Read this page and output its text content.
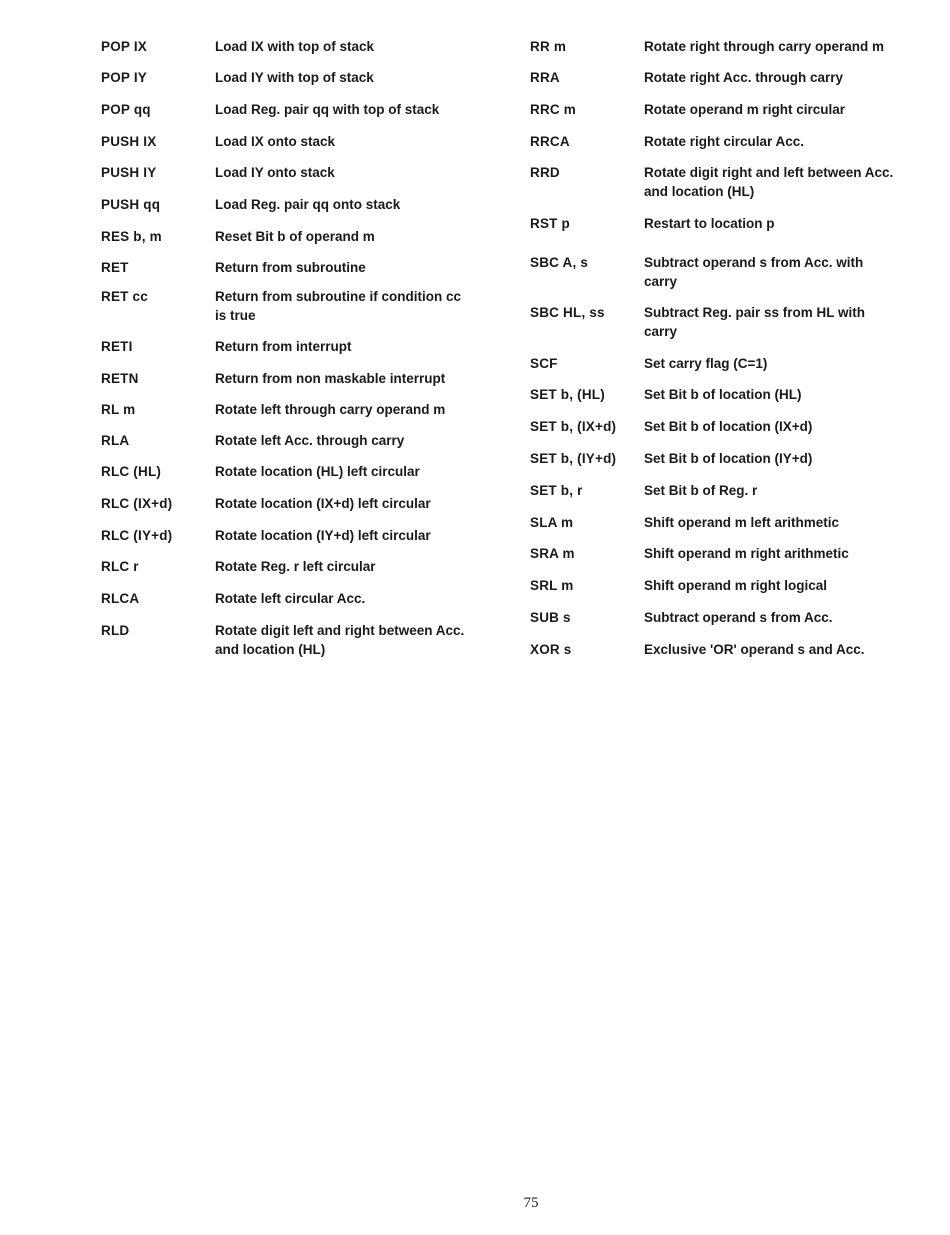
POP IX	Load IX with top of stack
POP IY	Load IY with top of stack
POP qq	Load Reg. pair qq with top of stack
PUSH IX	Load IX onto stack
PUSH IY	Load IY onto stack
PUSH qq	Load Reg. pair qq onto stack
RES b, m	Reset Bit b of operand m
RET	Return from subroutine
RET cc	Return from subroutine if condition cc is true
RETI	Return from interrupt
RETN	Return from non maskable interrupt
RL m	Rotate left through carry operand m
RLA	Rotate left Acc. through carry
RLC (HL)	Rotate location (HL) left circular
RLC (IX+d)	Rotate location (IX+d) left circular
RLC (IY+d)	Rotate location (IY+d) left circular
RLC r	Rotate Reg. r left circular
RLCA	Rotate left circular Acc.
RLD	Rotate digit left and right between Acc. and location (HL)
RR m	Rotate right through carry operand m
RRA	Rotate right Acc. through carry
RRC m	Rotate operand m right circular
RRCA	Rotate right circular Acc.
RRD	Rotate digit right and left between Acc. and location (HL)
RST p	Restart to location p
SBC A, s	Subtract operand s from Acc. with carry
SBC HL, ss	Subtract Reg. pair ss from HL with carry
SCF	Set carry flag (C=1)
SET b, (HL)	Set Bit b of location (HL)
SET b, (IX+d) Set Bit b of location (IX+d)
SET b, (IY+d) Set Bit b of location (IY+d)
SET b, r	Set Bit b of Reg. r
SLA m	Shift operand m left arithmetic
SRA m	Shift operand m right arithmetic
SRL m	Shift operand m right logical
SUB s	Subtract operand s from Acc.
XOR s	Exclusive 'OR' operand s and Acc.
75
